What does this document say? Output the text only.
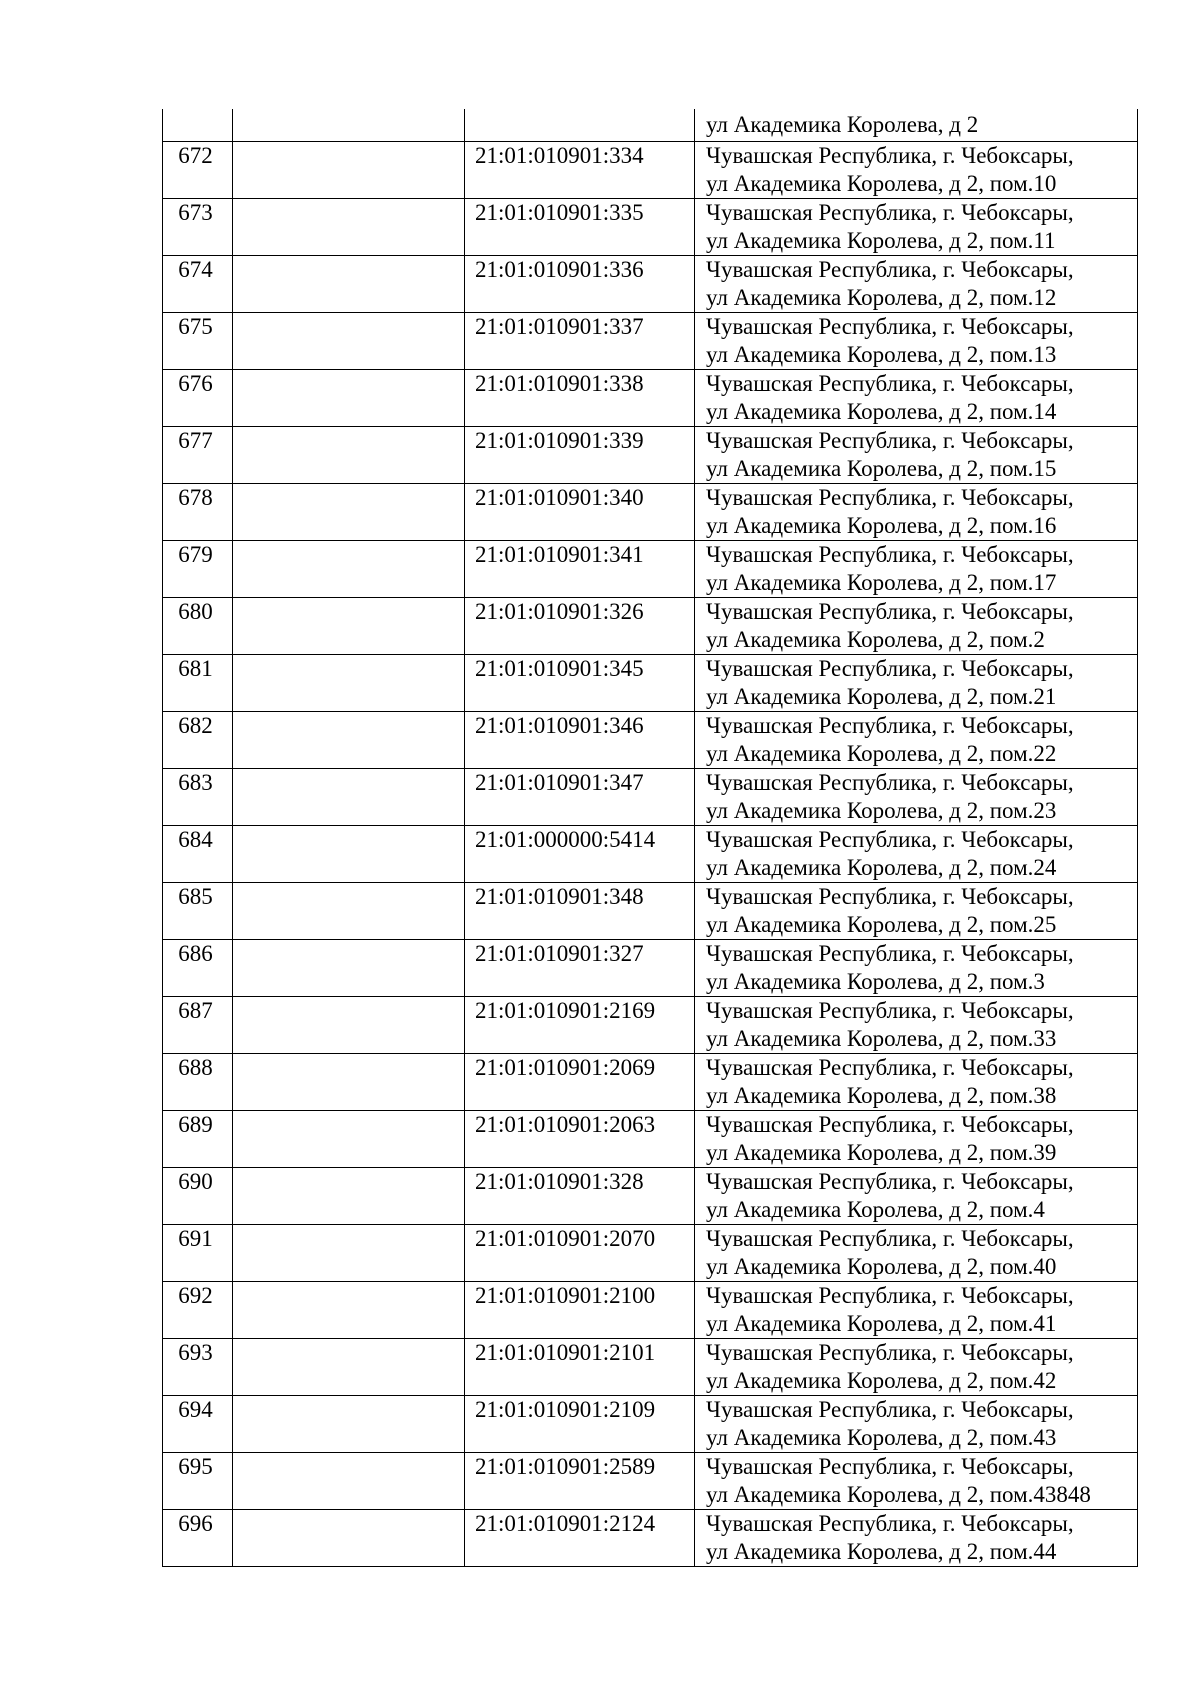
			ул Академика Королева, д 2

672		21:01:010901:334	Чувашская Республика, г. Чебоксары,
ул Академика Королева, д 2, пом.10

673		21:01:010901:335	Чувашская Республика, г. Чебоксары,
ул Академика Королева, д 2, пом.11

674		21:01:010901:336	Чувашская Республика, г. Чебоксары,
ул Академика Королева, д 2, пом.12

675		21:01:010901:337	Чувашская Республика, г. Чебоксары,
ул Академика Королева, д 2, пом.13

676		21:01:010901:338	Чувашская Республика, г. Чебоксары,
ул Академика Королева, д 2, пом.14

677		21:01:010901:339	Чувашская Республика, г. Чебоксары,
ул Академика Королева, д 2, пом.15

678		21:01:010901:340	Чувашская Республика, г. Чебоксары,
ул Академика Королева, д 2, пом.16

679		21:01:010901:341	Чувашская Республика, г. Чебоксары,
ул Академика Королева, д 2, пом.17

680		21:01:010901:326	Чувашская Республика, г. Чебоксары,
ул Академика Королева, д 2, пом.2

681		21:01:010901:345	Чувашская Республика, г. Чебоксары,
ул Академика Королева, д 2, пом.21

682		21:01:010901:346	Чувашская Республика, г. Чебоксары,
ул Академика Королева, д 2, пом.22

683		21:01:010901:347	Чувашская Республика, г. Чебоксары,
ул Академика Королева, д 2, пом.23

684		21:01:000000:5414	Чувашская Республика, г. Чебоксары,
ул Академика Королева, д 2, пом.24

685		21:01:010901:348	Чувашская Республика, г. Чебоксары,
ул Академика Королева, д 2, пом.25

686		21:01:010901:327	Чувашская Республика, г. Чебоксары,
ул Академика Королева, д 2, пом.3

687		21:01:010901:2169	Чувашская Республика, г. Чебоксары,
ул Академика Королева, д 2, пом.33

688		21:01:010901:2069	Чувашская Республика, г. Чебоксары,
ул Академика Королева, д 2, пом.38

689		21:01:010901:2063	Чувашская Республика, г. Чебоксары,
ул Академика Королева, д 2, пом.39

690		21:01:010901:328	Чувашская Республика, г. Чебоксары,
ул Академика Королева, д 2, пом.4

691		21:01:010901:2070	Чувашская Республика, г. Чебоксары,
ул Академика Королева, д 2, пом.40

692		21:01:010901:2100	Чувашская Республика, г. Чебоксары,
ул Академика Королева, д 2, пом.41

693		21:01:010901:2101	Чувашская Республика, г. Чебоксары,
ул Академика Королева, д 2, пом.42

694		21:01:010901:2109	Чувашская Республика, г. Чебоксары,
ул Академика Королева, д 2, пом.43

695		21:01:010901:2589	Чувашская Республика, г. Чебоксары,
ул Академика Королева, д 2, пом.43848

696		21:01:010901:2124	Чувашская Республика, г. Чебоксары,
ул Академика Королева, д 2, пом.44
